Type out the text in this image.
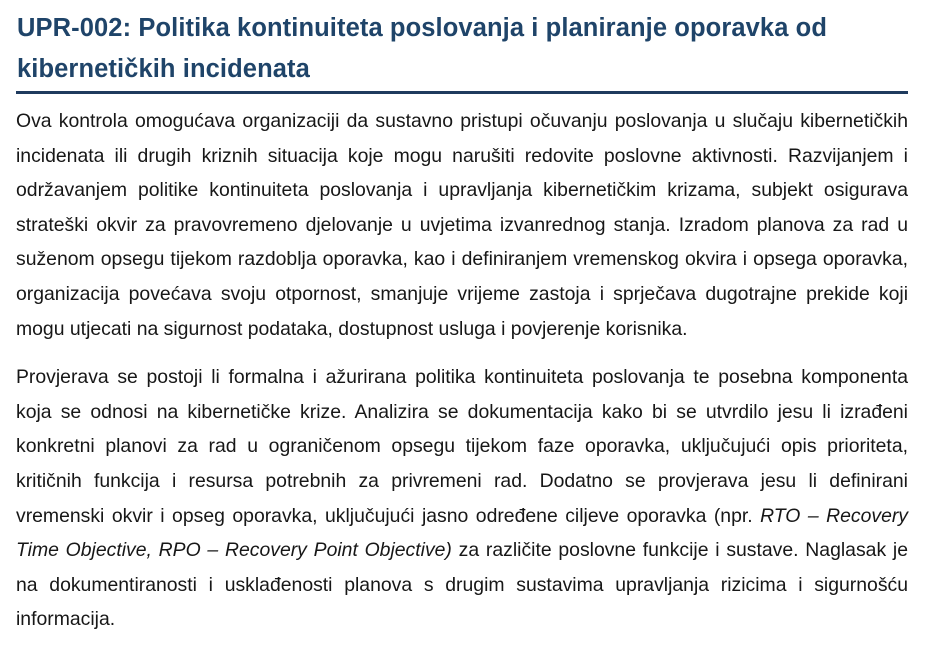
UPR-002: Politika kontinuiteta poslovanja i planiranje oporavka od kibernetičkih incidenata

Ova kontrola omogućava organizaciji da sustavno pristupi očuvanju poslovanja u slučaju kibernetičkih incidenata ili drugih kriznih situacija koje mogu narušiti redovite poslovne aktivnosti. Razvijanjem i održavanjem politike kontinuiteta poslovanja i upravljanja kibernetičkim krizama, subjekt osigurava strateški okvir za pravovremeno djelovanje u uvjetima izvanrednog stanja. Izradom planova za rad u suženom opsegu tijekom razdoblja oporavka, kao i definiranjem vremenskog okvira i opsega oporavka, organizacija povećava svoju otpornost, smanjuje vrijeme zastoja i sprječava dugotrajne prekide koji mogu utjecati na sigurnost podataka, dostupnost usluga i povjerenje korisnika.

Provjerava se postoji li formalna i ažurirana politika kontinuiteta poslovanja te posebna komponenta koja se odnosi na kibernetičke krize. Analizira se dokumentacija kako bi se utvrdilo jesu li izrađeni konkretni planovi za rad u ograničenom opsegu tijekom faze oporavka, uključujući opis prioriteta, kritičnih funkcija i resursa potrebnih za privremeni rad. Dodatno se provjerava jesu li definirani vremenski okvir i opseg oporavka, uključujući jasno određene ciljeve oporavka (npr. RTO – Recovery Time Objective, RPO – Recovery Point Objective) za različite poslovne funkcije i sustave. Naglasak je na dokumentiranosti i usklađenosti planova s drugim sustavima upravljanja rizicima i sigurnošću informacija.
